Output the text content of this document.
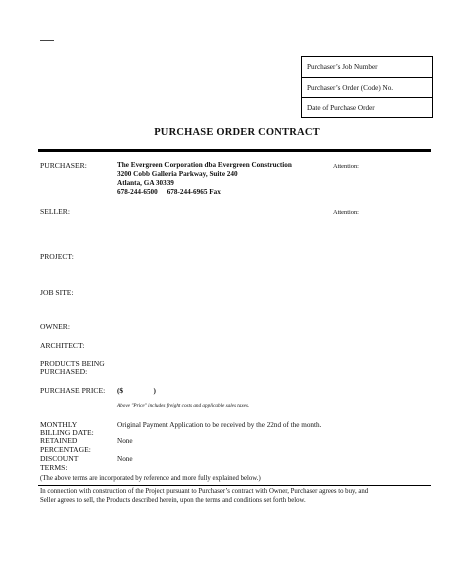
Purchaser’s Job Number
Purchaser’s Order (Code) No.
Date of Purchase Order
PURCHASE ORDER CONTRACT
PURCHASER:	The Evergreen Corporation dba Evergreen Construction
3200 Cobb Galleria Parkway, Suite 240
Atlanta, GA 30339
678-244-6500     678-244-6965 Fax
Attention:
SELLER:	Attention:
PROJECT:
JOB SITE:
OWNER:
ARCHITECT:
PRODUCTS BEING
PURCHASED:
PURCHASE PRICE: ($                 )
Above "Price" includes freight costs and applicable sales taxes.
MONTHLY
BILLING DATE:
Original Payment Application to be received by the 22nd of the month.
RETAINED
PERCENTAGE:
None
DISCOUNT
TERMS:
None
(The above terms are incorporated by reference and more fully explained below.)
In connection with construction of the Project pursuant to Purchaser’s contract with Owner, Purchaser agrees to buy, and
Seller agrees to sell, the Products described herein, upon the terms and conditions set forth below.
